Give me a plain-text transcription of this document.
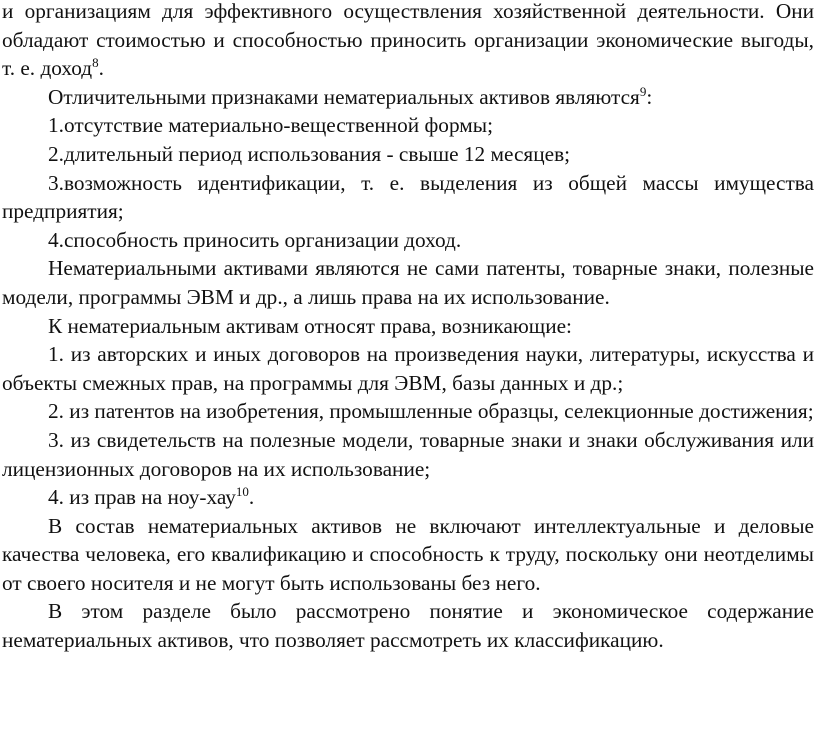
и организациям для эффективного осуществления хозяйственной деятельности. Они обладают стоимостью и способностью приносить организации экономические выгоды, т. е. доход$^8$.

Отличительными признаками нематериальных активов являются$^9$:

1.отсутствие материально-вещественной формы;

2.длительный период использования - свыше 12 месяцев;

3.возможность идентификации, т. е. выделения из общей массы имущества предприятия;

4.способность приносить организации доход.

Нематериальными активами являются не сами патенты, товарные знаки, полезные модели, программы ЭВМ и др., а лишь права на их использование.

К нематериальным активам относят права, возникающие:

1. из авторских и иных договоров на произведения науки, литературы, искусства и объекты смежных прав, на программы для ЭВМ, базы данных и др.;

2. из патентов на изобретения, промышленные образцы, селекционные достижения;

3. из свидетельств на полезные модели, товарные знаки и знаки обслуживания или лицензионных договоров на их использование;

4. из прав на ноу-хау$^{10}$.

В состав нематериальных активов не включают интеллектуальные и деловые качества человека, его квалификацию и способность к труду, поскольку они неотделимы от своего носителя и не могут быть использованы без него.

В этом разделе было рассмотрено понятие и экономическое содержание нематериальных активов, что позволяет рассмотреть их классификацию.
